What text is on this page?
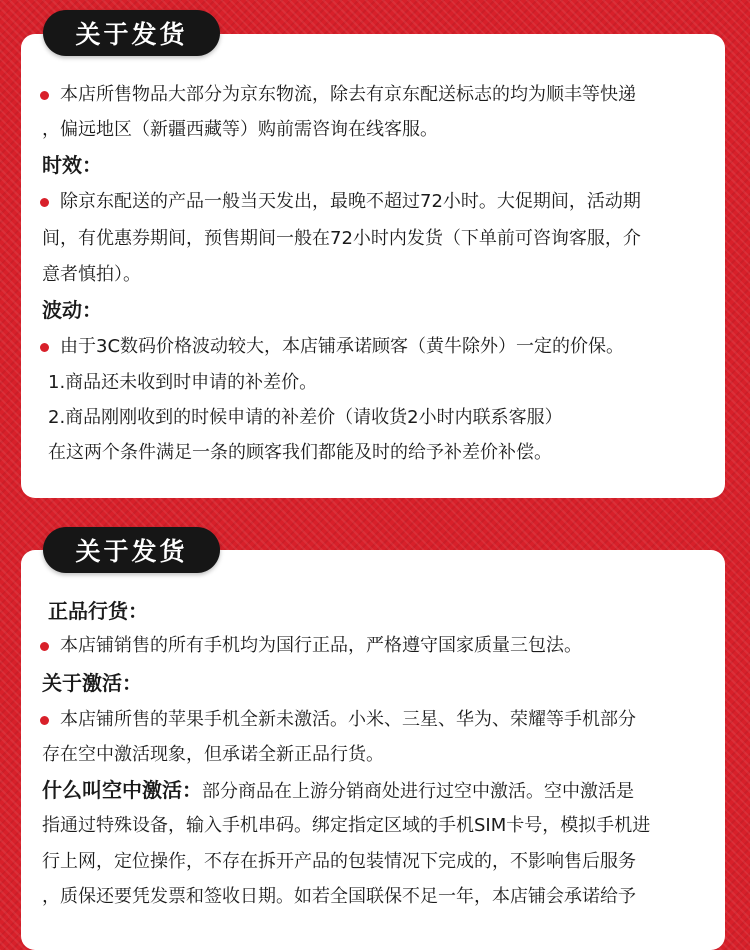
关于发货
本店所售物品大部分为京东物流，除去有京东配送标志的均为顺丰等快递
，偏远地区（新疆西藏等）购前需咨询在线客服。
时效：
除京东配送的产品一般当天发出，最晚不超过72小时。大促期间，活动期
间，有优惠券期间，预售期间一般在72小时内发货（下单前可咨询客服，介
意者慎拍）。
波动：
由于3C数码价格波动较大，本店铺承诺顾客（黄牛除外）一定的价保。
1.商品还未收到时申请的补差价。
2.商品刚刚收到的时候申请的补差价（请收货2小时内联系客服）
在这两个条件满足一条的顾客我们都能及时的给予补差价补偿。
关于发货
正品行货：
本店铺销售的所有手机均为国行正品，严格遵守国家质量三包法。
关于激活：
本店铺所售的苹果手机全新未激活。小米、三星、华为、荣耀等手机部分
存在空中激活现象，但承诺全新正品行货。
什么叫空中激活：部分商品在上游分销商处进行过空中激活。空中激活是
指通过特殊设备，输入手机串码。绑定指定区域的手机SIM卡号，模拟手机进
行上网，定位操作，不存在拆开产品的包装情况下完成的，不影响售后服务
，质保还要凭发票和签收日期。如若全国联保不足一年，本店铺会承诺给予
